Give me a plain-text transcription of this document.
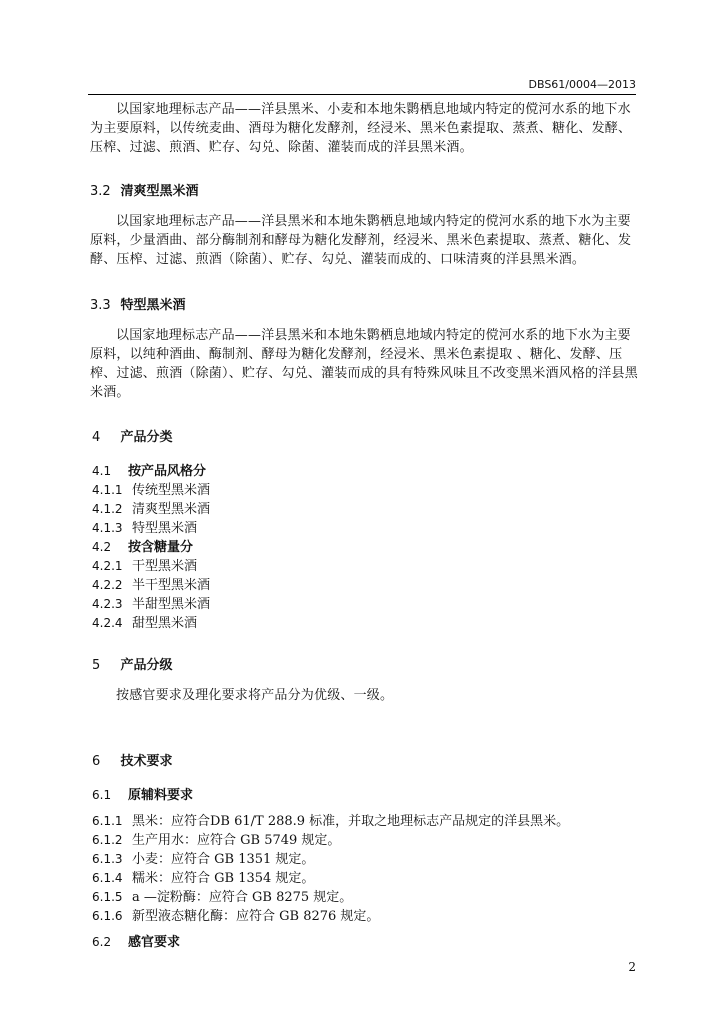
DBS61/0004—2013

以国家地理标志产品——洋县黑米、小麦和本地朱鹮栖息地域内特定的傥河水系的地下水为主要原料，以传统麦曲、酒母为糖化发酵剂，经浸米、黑米色素提取、蒸煮、糖化、发酵、压榨、过滤、煎酒、贮存、勾兑、除菌、灌装而成的洋县黑米酒。

3.2 清爽型黑米酒

以国家地理标志产品——洋县黑米和本地朱鹮栖息地域内特定的傥河水系的地下水为主要原料，少量酒曲、部分酶制剂和酵母为糖化发酵剂，经浸米、黑米色素提取、蒸煮、糖化、发酵、压榨、过滤、煎酒（除菌）、贮存、勾兑、灌装而成的、口味清爽的洋县黑米酒。

3.3 特型黑米酒

以国家地理标志产品——洋县黑米和本地朱鹮栖息地域内特定的傥河水系的地下水为主要原料，以纯种酒曲、酶制剂、酵母为糖化发酵剂，经浸米、黑米色素提取 、糖化、发酵、压榨、过滤、煎酒（除菌）、贮存、勾兑、灌装而成的具有特殊风味且不改变黑米酒风格的洋县黑米酒。

4 产品分类
4.1 按产品风格分
4.1.1 传统型黑米酒
4.1.2 清爽型黑米酒
4.1.3 特型黑米酒
4.2 按含糖量分
4.2.1 干型黑米酒
4.2.2 半干型黑米酒
4.2.3 半甜型黑米酒
4.2.4 甜型黑米酒
5 产品分级

按感官要求及理化要求将产品分为优级、一级。

6 技术要求
6.1 原辅料要求
6.1.1 黑米：应符合DB 61/T 288.9 标准，并取之地理标志产品规定的洋县黑米。
6.1.2 生产用水：应符合 GB 5749 规定。
6.1.3 小麦：应符合 GB 1351 规定。
6.1.4 糯米：应符合 GB 1354 规定。
6.1.5 a —淀粉酶：应符合 GB 8275 规定。
6.1.6 新型液态糖化酶：应符合 GB 8276 规定。
6.2 感官要求
2
